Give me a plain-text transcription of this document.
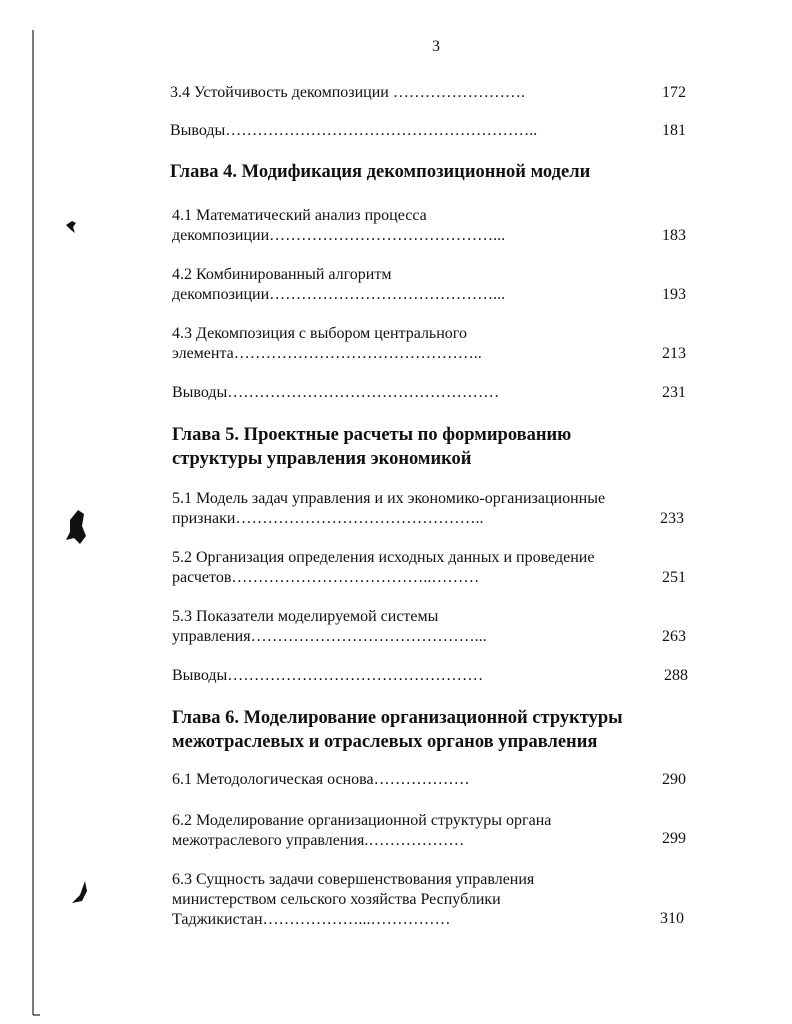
3
3.4 Устойчивость декомпозиции …………………….	172
Выводы…………………………………………………..	181
Глава 4. Модификация декомпозиционной модели
4.1 Математический анализ процесса
декомпозиции……………………………………...	183
4.2 Комбинированный алгоритм
декомпозиции……………………………………...	193
4.3 Декомпозиция с выбором центрального
элемента………………………………………..	213
Выводы……………………………………………	231
Глава 5. Проектные расчеты по формированию
структуры управления экономикой
5.1 Модель задач управления и их экономико-организационные
признаки………………………………………..	233
5.2 Организация определения исходных данных и проведение
расчетов………………………………..………	251
5.3 Показатели моделируемой системы
управления……………………………………...	263
Выводы…………………………………………	288
Глава 6. Моделирование организационной структуры
межотраслевых и отраслевых органов управления
6.1 Методологическая основа………………	290
6.2 Моделирование организационной структуры органа
межотраслевого управления.………………	299
6.3 Сущность задачи совершенствования управления
министерством сельского хозяйства Республики
Таджикистан………………...……………	310
